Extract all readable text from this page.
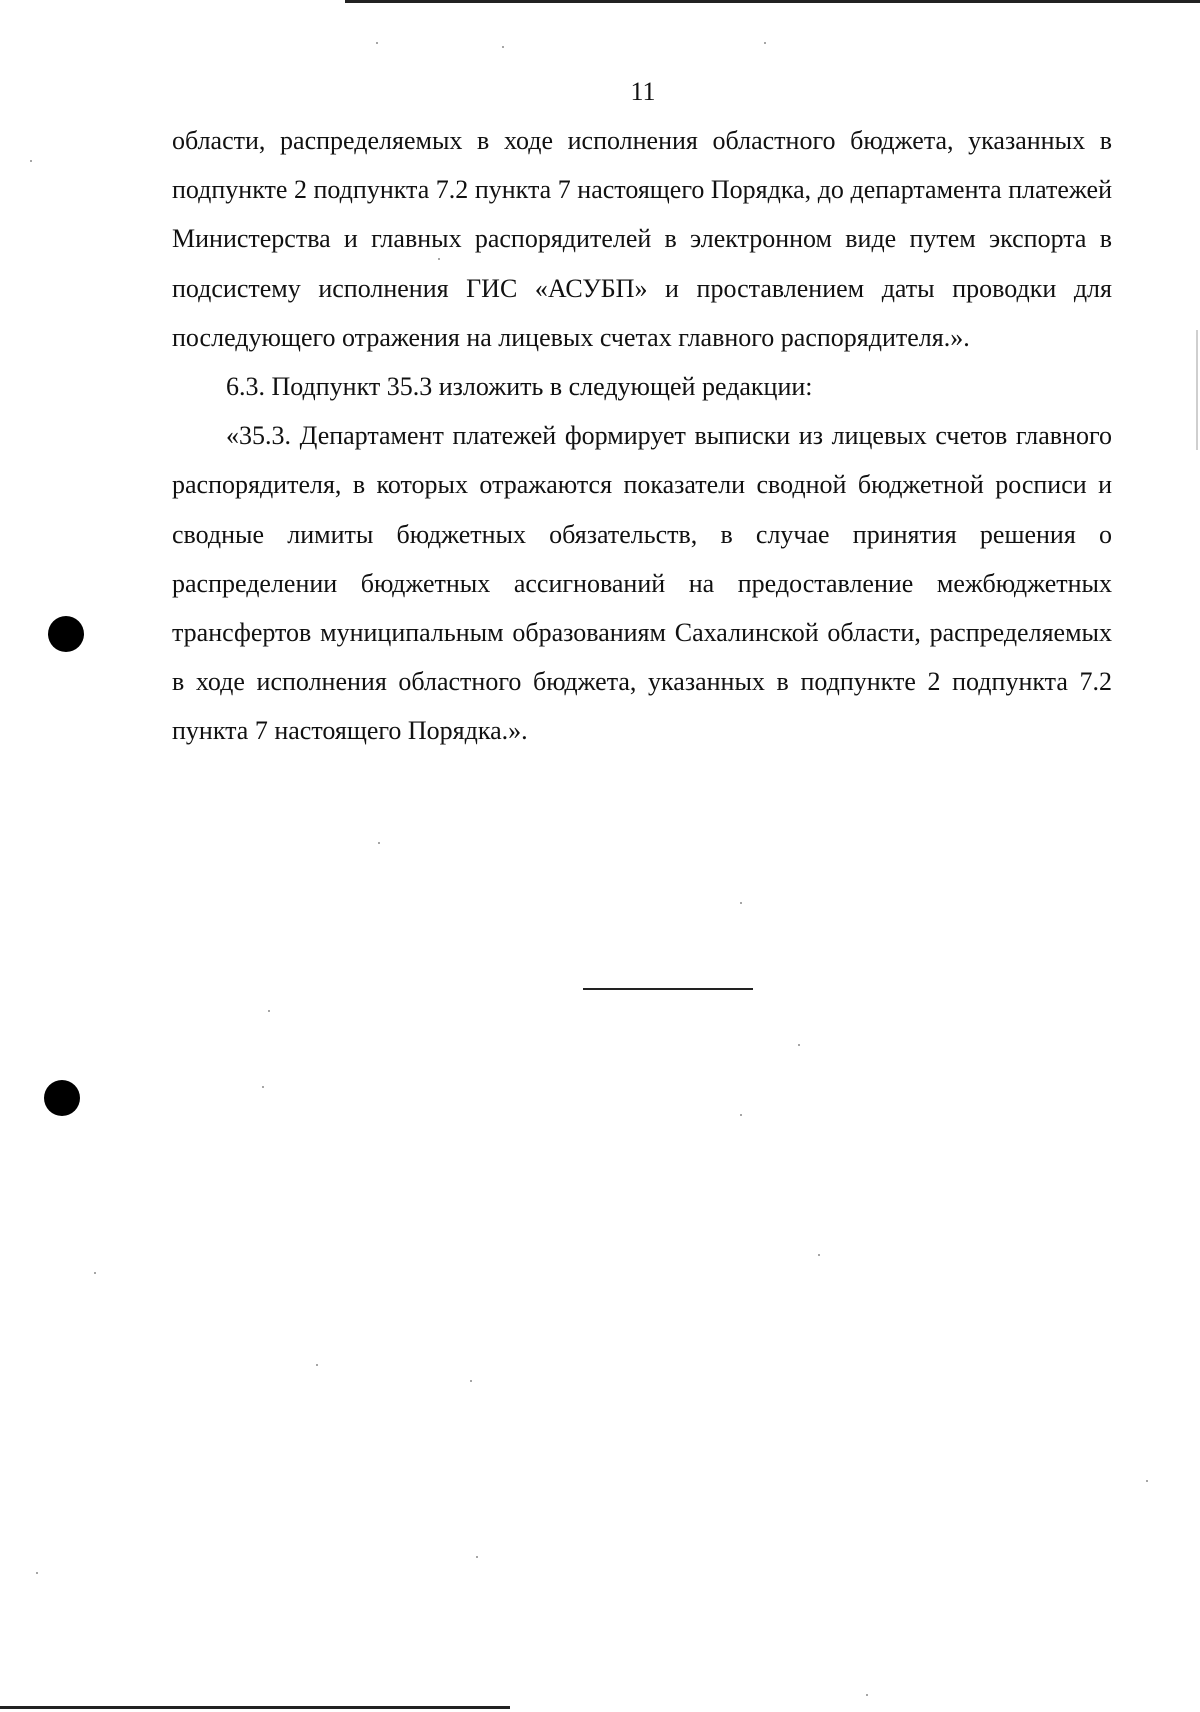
11

области, распределяемых в ходе исполнения областного бюджета, указанных в подпункте 2 подпункта 7.2 пункта 7 настоящего Порядка, до департамента платежей Министерства и главных распорядителей в электронном виде путем экспорта в подсистему исполнения ГИС «АСУБП» и проставлением даты проводки для последующего отражения на лицевых счетах главного распорядителя.».

6.3. Подпункт 35.3 изложить в следующей редакции:

«35.3. Департамент платежей формирует выписки из лицевых счетов главного распорядителя, в которых отражаются показатели сводной бюджетной росписи и сводные лимиты бюджетных обязательств, в случае принятия решения о распределении бюджетных ассигнований на предоставление межбюджетных трансфертов муниципальным образованиям Сахалинской области, распределяемых в ходе исполнения областного бюджета, указанных в подпункте 2 подпункта 7.2 пункта 7 настоящего Порядка.».
